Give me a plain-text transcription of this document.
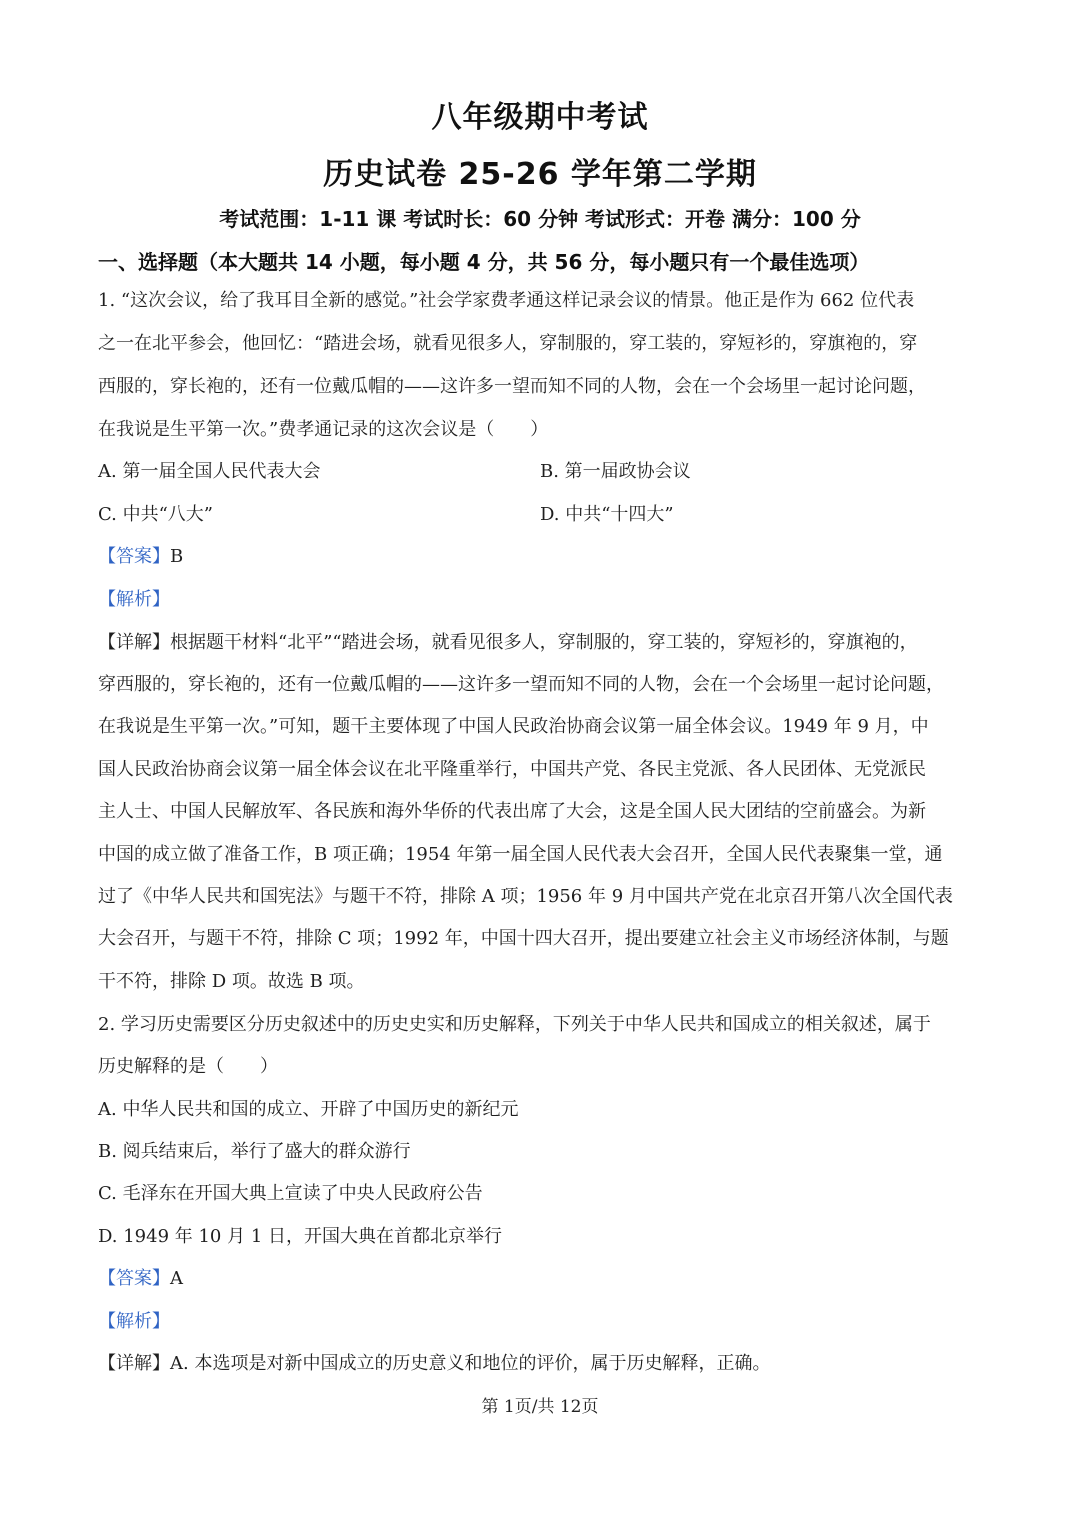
八年级期中考试
历史试卷 25-26 学年第二学期
考试范围：1-11 课 考试时长：60 分钟 考试形式：开卷 满分：100 分
一、选择题（本大题共 14 小题，每小题 4 分，共 56 分，每小题只有一个最佳选项）
1. “这次会议，给了我耳目全新的感觉。”社会学家费孝通这样记录会议的情景。他正是作为 662 位代表
之一在北平参会，他回忆：“踏进会场，就看见很多人，穿制服的，穿工装的，穿短衫的，穿旗袍的，穿
西服的，穿长袍的，还有一位戴瓜帽的——这许多一望而知不同的人物，会在一个会场里一起讨论问题，
在我说是生平第一次。”费孝通记录的这次会议是（　　）
A. 第一届全国人民代表大会	B. 第一届政协会议
C. 中共“八大”	D. 中共“十四大”
【答案】B
【解析】
【详解】根据题干材料“北平”“踏进会场，就看见很多人，穿制服的，穿工装的，穿短衫的，穿旗袍的，
穿西服的，穿长袍的，还有一位戴瓜帽的——这许多一望而知不同的人物，会在一个会场里一起讨论问题，
在我说是生平第一次。”可知，题干主要体现了中国人民政治协商会议第一届全体会议。1949 年 9 月，中
国人民政治协商会议第一届全体会议在北平隆重举行，中国共产党、各民主党派、各人民团体、无党派民
主人士、中国人民解放军、各民族和海外华侨的代表出席了大会，这是全国人民大团结的空前盛会。为新
中国的成立做了准备工作，B 项正确；1954 年第一届全国人民代表大会召开，全国人民代表聚集一堂，通
过了《中华人民共和国宪法》与题干不符，排除 A 项；1956 年 9 月中国共产党在北京召开第八次全国代表
大会召开，与题干不符，排除 C 项；1992 年，中国十四大召开，提出要建立社会主义市场经济体制，与题
干不符，排除 D 项。故选 B 项。
2. 学习历史需要区分历史叙述中的历史史实和历史解释，下列关于中华人民共和国成立的相关叙述，属于
历史解释的是（　　）
A. 中华人民共和国的成立、开辟了中国历史的新纪元
B. 阅兵结束后，举行了盛大的群众游行
C. 毛泽东在开国大典上宣读了中央人民政府公告
D. 1949 年 10 月 1 日，开国大典在首都北京举行
【答案】A
【解析】
【详解】A. 本选项是对新中国成立的历史意义和地位的评价，属于历史解释，正确。
第 1页/共 12页
